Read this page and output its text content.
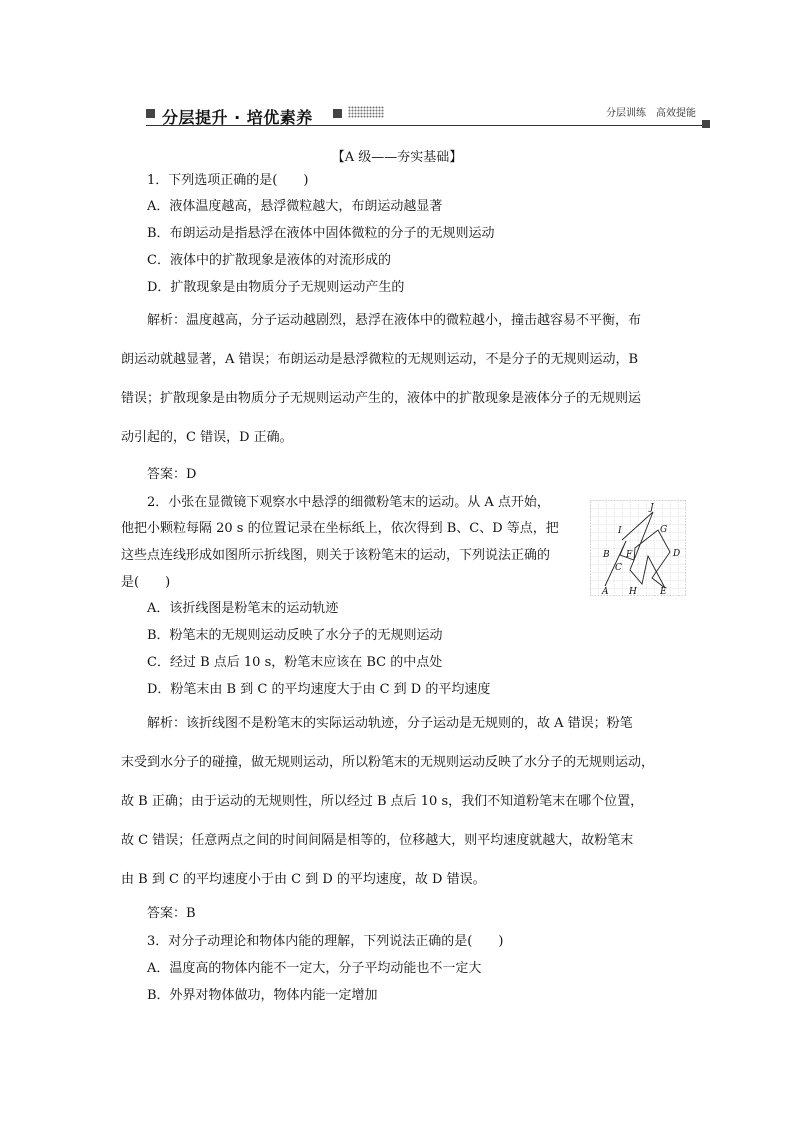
分层提升 · 培优素养	分层训练　高效提能
【A 级——夯实基础】
1．下列选项正确的是(　　)
A．液体温度越高，悬浮微粒越大，布朗运动越显著
B．布朗运动是指悬浮在液体中固体微粒的分子的无规则运动
C．液体中的扩散现象是液体的对流形成的
D．扩散现象是由物质分子无规则运动产生的
解析：温度越高，分子运动越剧烈，悬浮在液体中的微粒越小，撞击越容易不平衡，布
朗运动就越显著，A 错误；布朗运动是悬浮微粒的无规则运动，不是分子的无规则运动，B
错误；扩散现象是由物质分子无规则运动产生的，液体中的扩散现象是液体分子的无规则运
动引起的，C 错误，D 正确。
答案：D
2．小张在显微镜下观察水中悬浮的细微粉笔末的运动。从 A 点开始，
他把小颗粒每隔 20 s 的位置记录在坐标纸上，依次得到 B、C、D 等点，把
这些点连线形成如图所示折线图，则关于该粉笔末的运动，下列说法正确的
是(　　)
J
I	G
B F	D
C
A H	E
A．该折线图是粉笔末的运动轨迹
B．粉笔末的无规则运动反映了水分子的无规则运动
C．经过 B 点后 10 s，粉笔末应该在 BC 的中点处
D．粉笔末由 B 到 C 的平均速度大于由 C 到 D 的平均速度
解析：该折线图不是粉笔末的实际运动轨迹，分子运动是无规则的，故 A 错误；粉笔
末受到水分子的碰撞，做无规则运动，所以粉笔末的无规则运动反映了水分子的无规则运动，
故 B 正确；由于运动的无规则性，所以经过 B 点后 10 s，我们不知道粉笔末在哪个位置，
故 C 错误；任意两点之间的时间间隔是相等的，位移越大，则平均速度就越大，故粉笔末
由 B 到 C 的平均速度小于由 C 到 D 的平均速度，故 D 错误。
答案：B
3．对分子动理论和物体内能的理解，下列说法正确的是(　　)
A．温度高的物体内能不一定大，分子平均动能也不一定大
B．外界对物体做功，物体内能一定增加
